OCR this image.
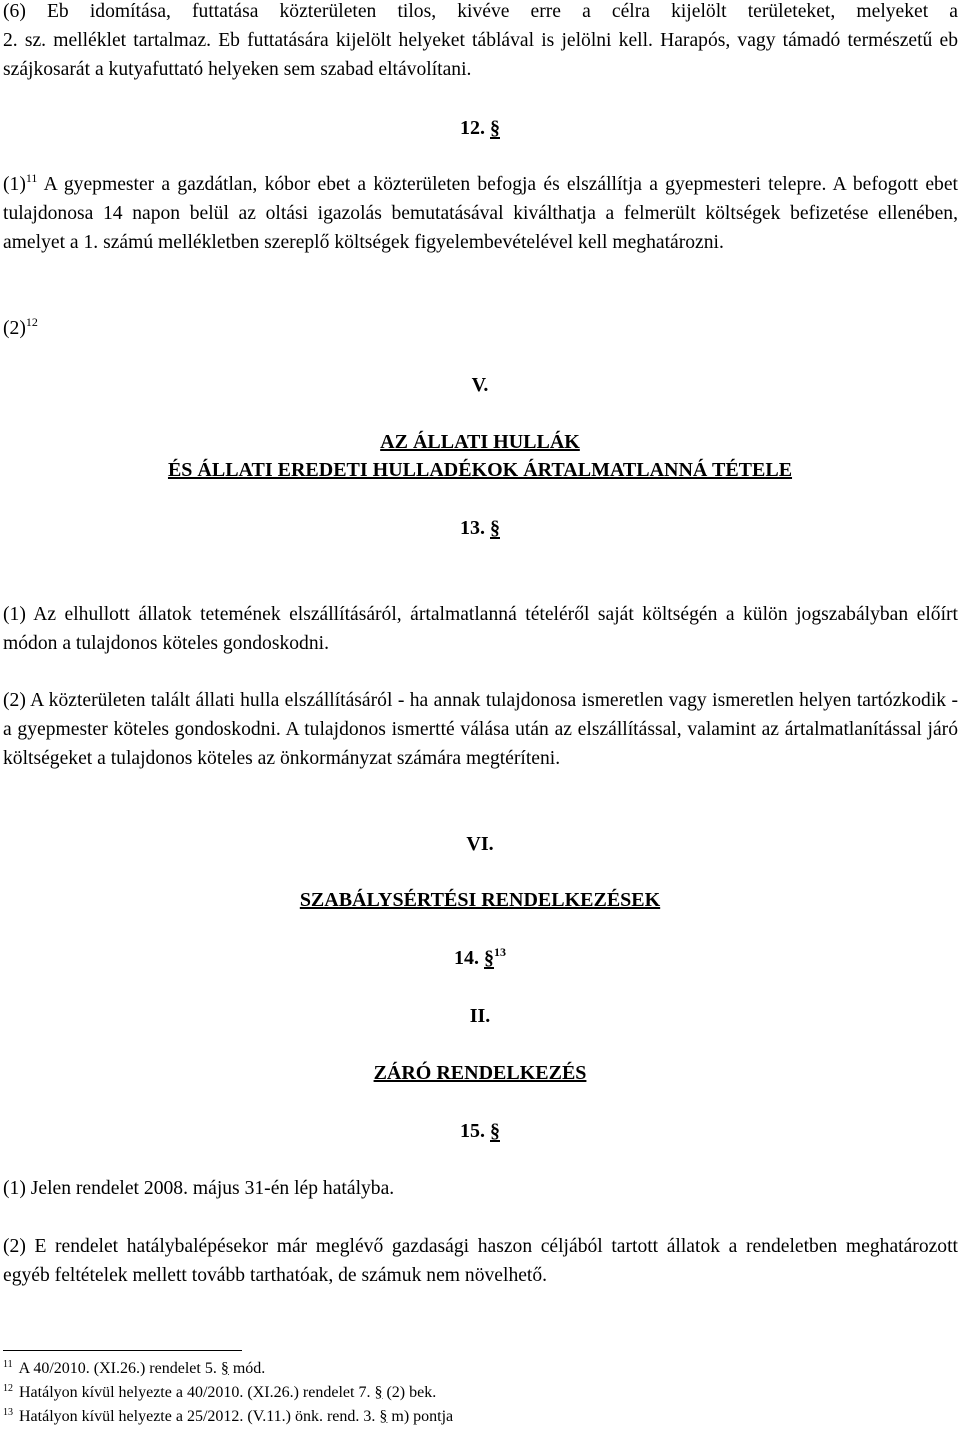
(6) Eb idomítása, futtatása közterületen tilos, kivéve erre a célra kijelölt területeket, melyeket a

2. sz. melléklet tartalmaz. Eb futtatására kijelölt helyeket táblával is jelölni kell. Harapós, vagy támadó természetű eb szájkosarát a kutyafuttató helyeken sem szabad eltávolítani.

12. §

(1)$^{11}$ A gyepmester a gazdátlan, kóbor ebet a közterületen befogja és elszállítja a gyepmesteri telepre. A befogott ebet tulajdonosa 14 napon belül az oltási igazolás bemutatásával kiválthatja a felmerült költségek befizetése ellenében, amelyet a 1. számú mellékletben szereplő költségek figyelembevételével kell meghatározni.

(2)$^{12}$

V.

AZ ÁLLATI HULLÁK

ÉS ÁLLATI EREDETI HULLADÉKOK ÁRTALMATLANNÁ TÉTELE

13. §

(1) Az elhullott állatok tetemének elszállításáról, ártalmatlanná tételéről saját költségén a külön jogszabályban előírt módon a tulajdonos köteles gondoskodni.

(2) A közterületen talált állati hulla elszállításáról - ha annak tulajdonosa ismeretlen vagy ismeretlen helyen tartózkodik - a gyepmester köteles gondoskodni. A tulajdonos ismertté válása után az elszállítással, valamint az ártalmatlanítással járó költségeket a tulajdonos köteles az önkormányzat számára megtéríteni.

VI.

SZABÁLYSÉRTÉSI RENDELKEZÉSEK

14. §$^{13}$

II.

ZÁRÓ RENDELKEZÉS

15. §

(1) Jelen rendelet 2008. május 31-én lép hatályba.

(2) E rendelet hatálybalépésekor már meglévő gazdasági haszon céljából tartott állatok a rendeletben meghatározott egyéb feltételek mellett tovább tarthatóak, de számuk nem növelhető.

$^{11}$ A 40/2010. (XI.26.) rendelet 5. § mód.

$^{12}$ Hatályon kívül helyezte a 40/2010. (XI.26.) rendelet 7. § (2) bek.

$^{13}$ Hatályon kívül helyezte a 25/2012. (V.11.) önk. rend. 3. § m) pontja
